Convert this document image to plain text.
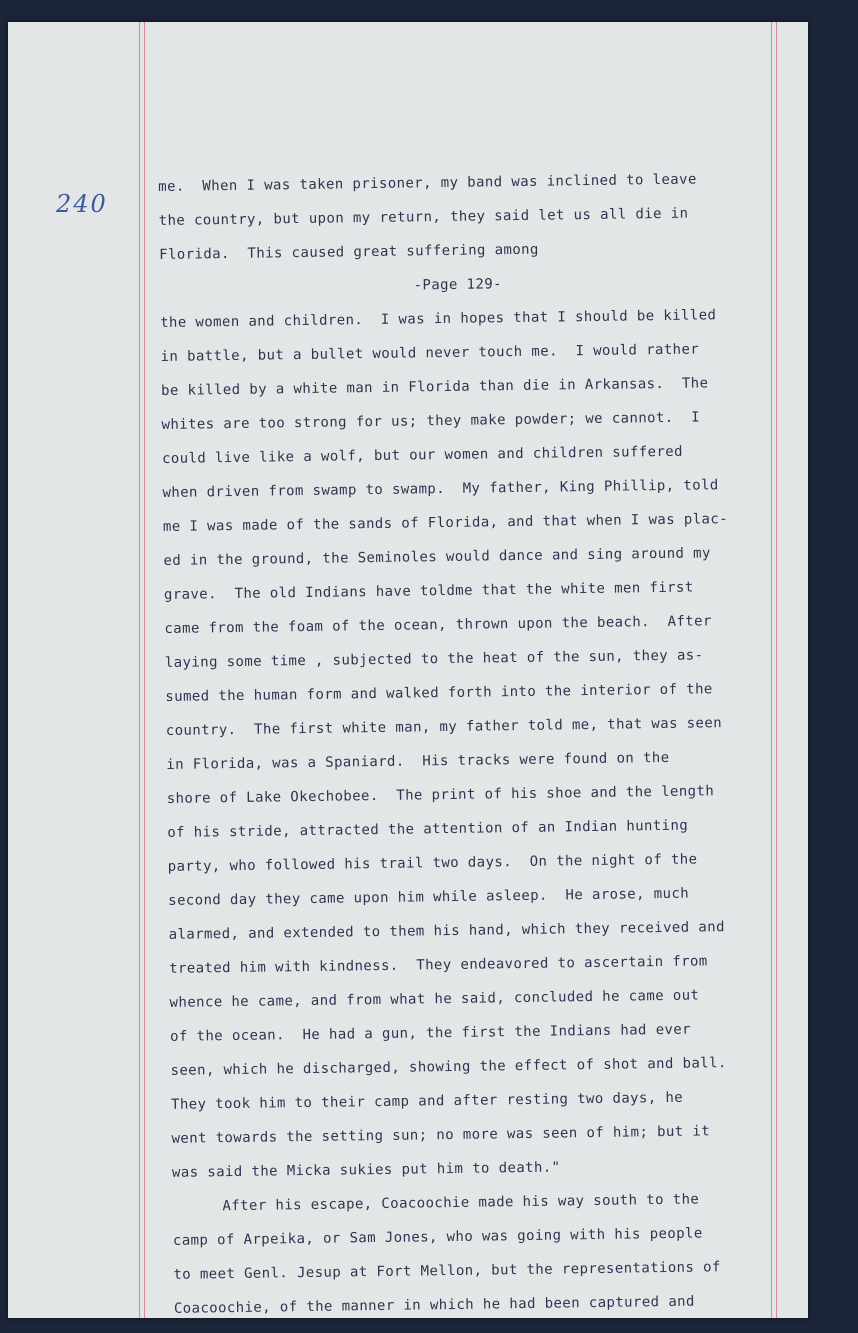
240
me.  When I was taken prisoner, my band was inclined to leave
the country, but upon my return, they said let us all die in
Florida.  This caused great suffering among
-Page 129-
the women and children.  I was in hopes that I should be killed
in battle, but a bullet would never touch me.  I would rather
be killed by a white man in Florida than die in Arkansas.  The
whites are too strong for us; they make powder; we cannot.  I
could live like a wolf, but our women and children suffered
when driven from swamp to swamp.  My father, King Phillip, told
me I was made of the sands of Florida, and that when I was plac-
ed in the ground, the Seminoles would dance and sing around my
grave.  The old Indians have toldme that the white men first
came from the foam of the ocean, thrown upon the beach.  After
laying some time , subjected to the heat of the sun, they as-
sumed the human form and walked forth into the interior of the
country.  The first white man, my father told me, that was seen
in Florida, was a Spaniard.  His tracks were found on the
shore of Lake Okechobee.  The print of his shoe and the length
of his stride, attracted the attention of an Indian hunting
party, who followed his trail two days.  On the night of the
second day they came upon him while asleep.  He arose, much
alarmed, and extended to them his hand, which they received and
treated him with kindness.  They endeavored to ascertain from
whence he came, and from what he said, concluded he came out
of the ocean.  He had a gun, the first the Indians had ever
seen, which he discharged, showing the effect of shot and ball.
They took him to their camp and after resting two days, he
went towards the setting sun; no more was seen of him; but it
was said the Micka sukies put him to death."
After his escape, Coacoochie made his way south to the
camp of Arpeika, or Sam Jones, who was going with his people
to meet Genl. Jesup at Fort Mellon, but the representations of
Coacoochie, of the manner in which he had been captured and
